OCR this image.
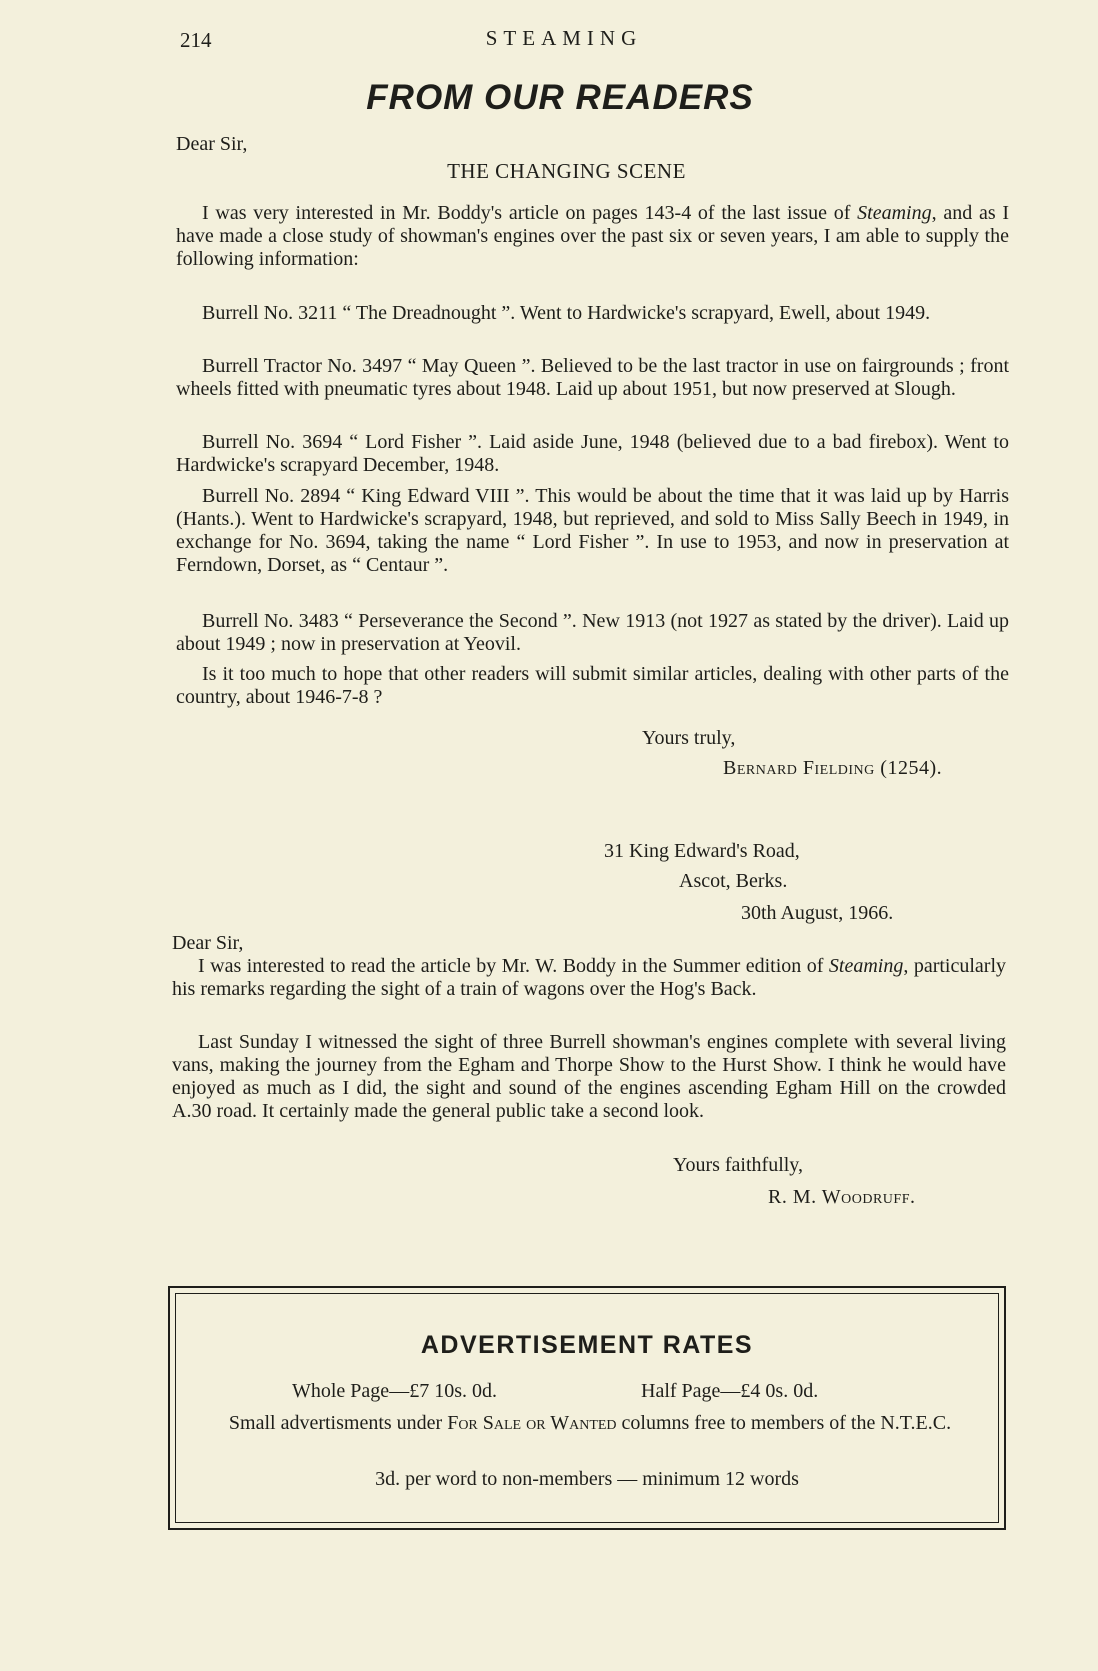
214	STEAMING
FROM OUR READERS
Dear Sir,
THE CHANGING SCENE
I was very interested in Mr. Boddy's article on pages 143-4 of the last issue of Steaming, and as I have made a close study of showman's engines over the past six or seven years, I am able to supply the following information:
Burrell No. 3211 “ The Dreadnought ”. Went to Hardwicke's scrapyard, Ewell, about 1949.
Burrell Tractor No. 3497 “ May Queen ”. Believed to be the last tractor in use on fairgrounds ; front wheels fitted with pneumatic tyres about 1948. Laid up about 1951, but now preserved at Slough.
Burrell No. 3694 “ Lord Fisher ”. Laid aside June, 1948 (believed due to a bad firebox). Went to Hardwicke's scrapyard December, 1948.
Burrell No. 2894 “ King Edward VIII ”. This would be about the time that it was laid up by Harris (Hants.). Went to Hardwicke's scrapyard, 1948, but reprieved, and sold to Miss Sally Beech in 1949, in exchange for No. 3694, taking the name “ Lord Fisher ”. In use to 1953, and now in preservation at Ferndown, Dorset, as “ Centaur ”.
Burrell No. 3483 “ Perseverance the Second ”. New 1913 (not 1927 as stated by the driver). Laid up about 1949 ; now in preservation at Yeovil.
Is it too much to hope that other readers will submit similar articles, dealing with other parts of the country, about 1946-7-8 ?
Yours truly,
Bernard Fielding (1254).
31 King Edward's Road,
Ascot, Berks.
30th August, 1966.
Dear Sir,
I was interested to read the article by Mr. W. Boddy in the Summer edition of Steaming, particularly his remarks regarding the sight of a train of wagons over the Hog's Back.
Last Sunday I witnessed the sight of three Burrell showman's engines complete with several living vans, making the journey from the Egham and Thorpe Show to the Hurst Show. I think he would have enjoyed as much as I did, the sight and sound of the engines ascending Egham Hill on the crowded A.30 road. It certainly made the general public take a second look.
Yours faithfully,
R. M. Woodruff.
ADVERTISEMENT RATES
Whole Page—£7 10s. 0d.	Half Page—£4 0s. 0d.
Small advertisments under For Sale or Wanted columns free to members of the N.T.E.C.
3d. per word to non-members — minimum 12 words
